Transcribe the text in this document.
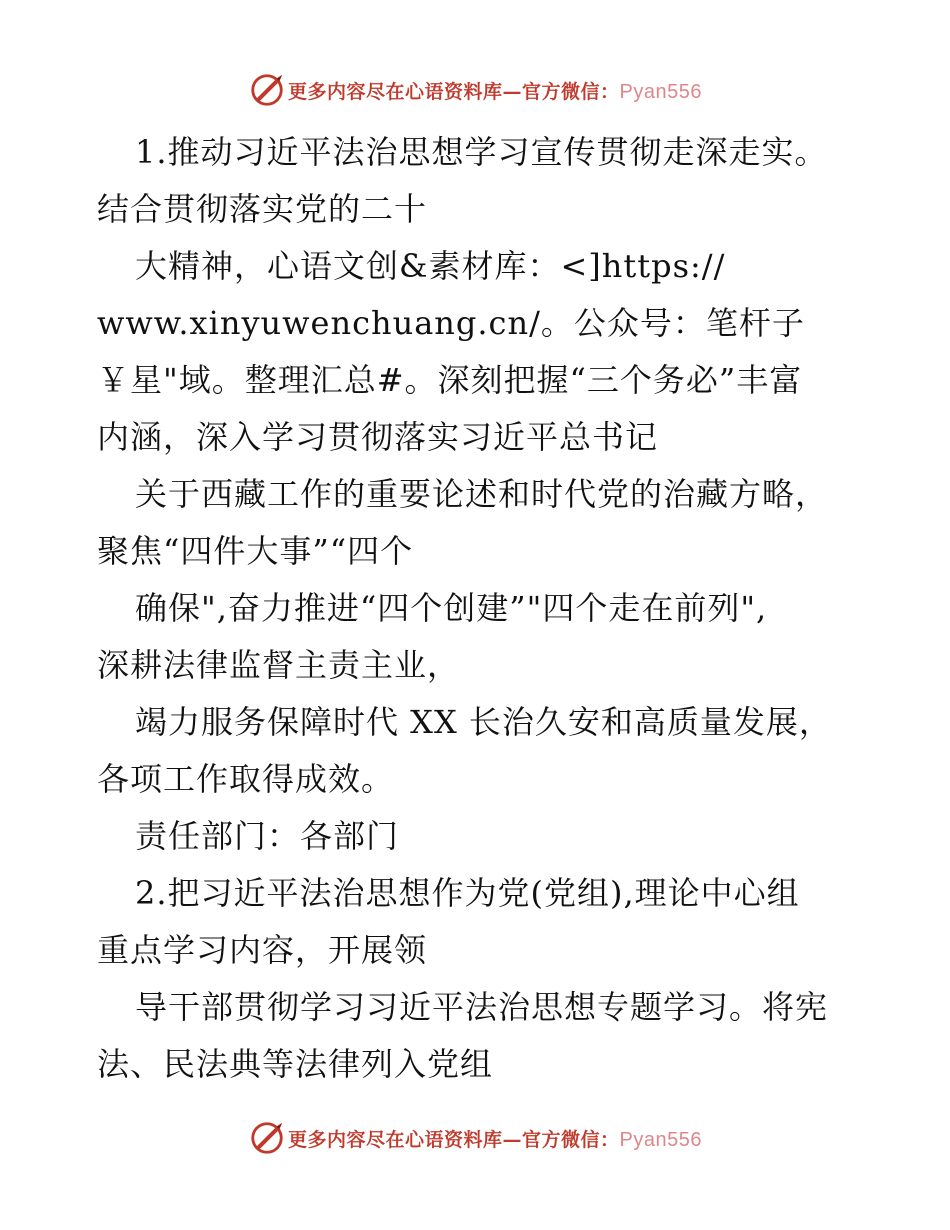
更多内容尽在心语资料库—官方微信：Pyan556
1.推动习近平法治思想学习宣传贯彻走深走实。
结合贯彻落实党的二十
大精神，心语文创&素材库：<]https://
www.xinyuwenchuang.cn/。公众号：笔杆子
￥星"域。整理汇总#。深刻把握“三个务必”丰富
内涵，深入学习贯彻落实习近平总书记
关于西藏工作的重要论述和时代党的治藏方略，
聚焦“四件大事”“四个
确保",奋力推进“四个创建”"四个走在前列",
深耕法律监督主责主业，
竭力服务保障时代 XX 长治久安和高质量发展，
各项工作取得成效。
责任部门：各部门
2.把习近平法治思想作为党(党组),理论中心组
重点学习内容，开展领
导干部贯彻学习习近平法治思想专题学习。将宪
法、民法典等法律列入党组
更多内容尽在心语资料库—官方微信：Pyan556
